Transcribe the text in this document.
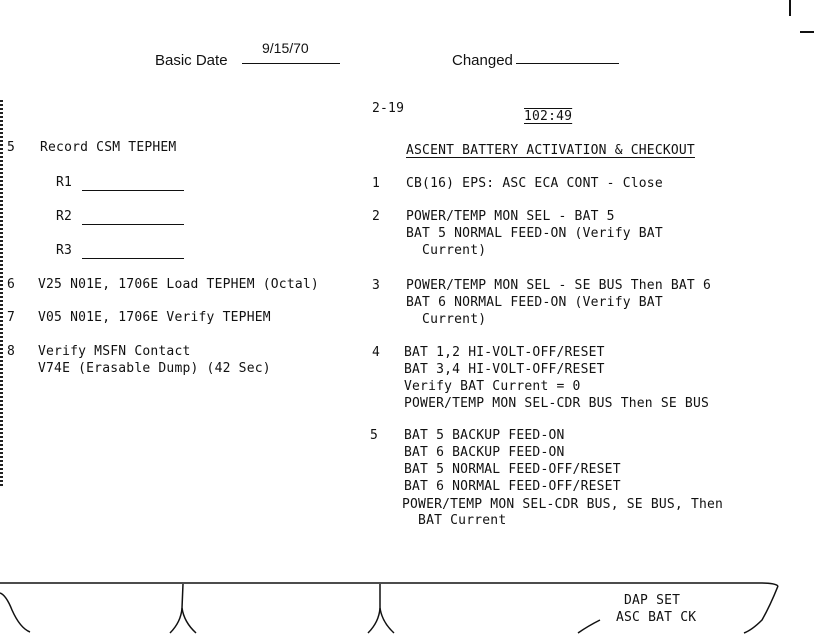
Basic Date
9/15/70
Changed
2-19
102:49
5 Record CSM TEPHEM
R1
R2
R3
6 V25 N01E, 1706E Load TEPHEM (Octal)
7 V05 N01E, 1706E Verify TEPHEM
8 Verify MSFN Contact
V74E (Erasable Dump) (42 Sec)
ASCENT BATTERY ACTIVATION & CHECKOUT
1 CB(16) EPS: ASC ECA CONT - Close
2 POWER/TEMP MON SEL - BAT 5
BAT 5 NORMAL FEED-ON (Verify BAT
Current)
3 POWER/TEMP MON SEL - SE BUS Then BAT 6
BAT 6 NORMAL FEED-ON (Verify BAT
Current)
4 BAT 1,2 HI-VOLT-OFF/RESET
BAT 3,4 HI-VOLT-OFF/RESET
Verify BAT Current = 0
POWER/TEMP MON SEL-CDR BUS Then SE BUS
5 BAT 5 BACKUP FEED-ON
BAT 6 BACKUP FEED-ON
BAT 5 NORMAL FEED-OFF/RESET
BAT 6 NORMAL FEED-OFF/RESET
POWER/TEMP MON SEL-CDR BUS, SE BUS, Then
BAT Current
DAP SET
ASC BAT CK
